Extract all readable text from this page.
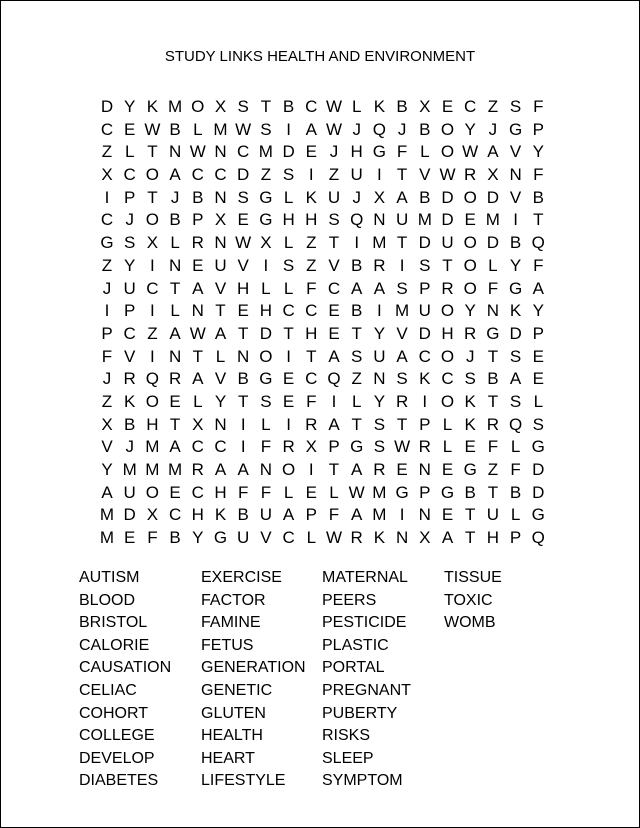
STUDY LINKS HEALTH AND ENVIRONMENT
D Y K M O X S T B C W L K B X E C Z S F
C E W B L M W S I A W J Q J B O Y J G P
Z L T N W N C M D E J H G F L O W A V Y
X C O A C C D Z S I Z U I T V W R X N F
I P T J B N S G L K U J X A B D O D V B
C J O B P X E G H H S Q N U M D E M I T
G S X L R N W X L Z T I M T D U O D B Q
Z Y I N E U V I S Z V B R I S T O L Y F
J U C T A V H L L F C A A S P R O F G A
I P I L N T E H C C E B I M U O Y N K Y
P C Z A W A T D T H E T Y V D H R G D P
F V I N T L N O I T A S U A C O J T S E
J R Q R A V B G E C Q Z N S K C S B A E
Z K O E L Y T S E F I L Y R I O K T S L
X B H T X N I L I R A T S T P L K R Q S
V J M A C C I F R X P G S W R L E F L G
Y M M M R A A N O I T A R E N E G Z F D
A U O E C H F F L E L W M G P G B T B D
M D X C H K B U A P F A M I N E T U L G
M E F B Y G U V C L W R K N X A T H P Q
AUTISM
BLOOD
BRISTOL
CALORIE
CAUSATION
CELIAC
COHORT
COLLEGE
DEVELOP
DIABETES
EXERCISE
FACTOR
FAMINE
FETUS
GENERATION
GENETIC
GLUTEN
HEALTH
HEART
LIFESTYLE
MATERNAL
PEERS
PESTICIDE
PLASTIC
PORTAL
PREGNANT
PUBERTY
RISKS
SLEEP
SYMPTOM
TISSUE
TOXIC
WOMB
